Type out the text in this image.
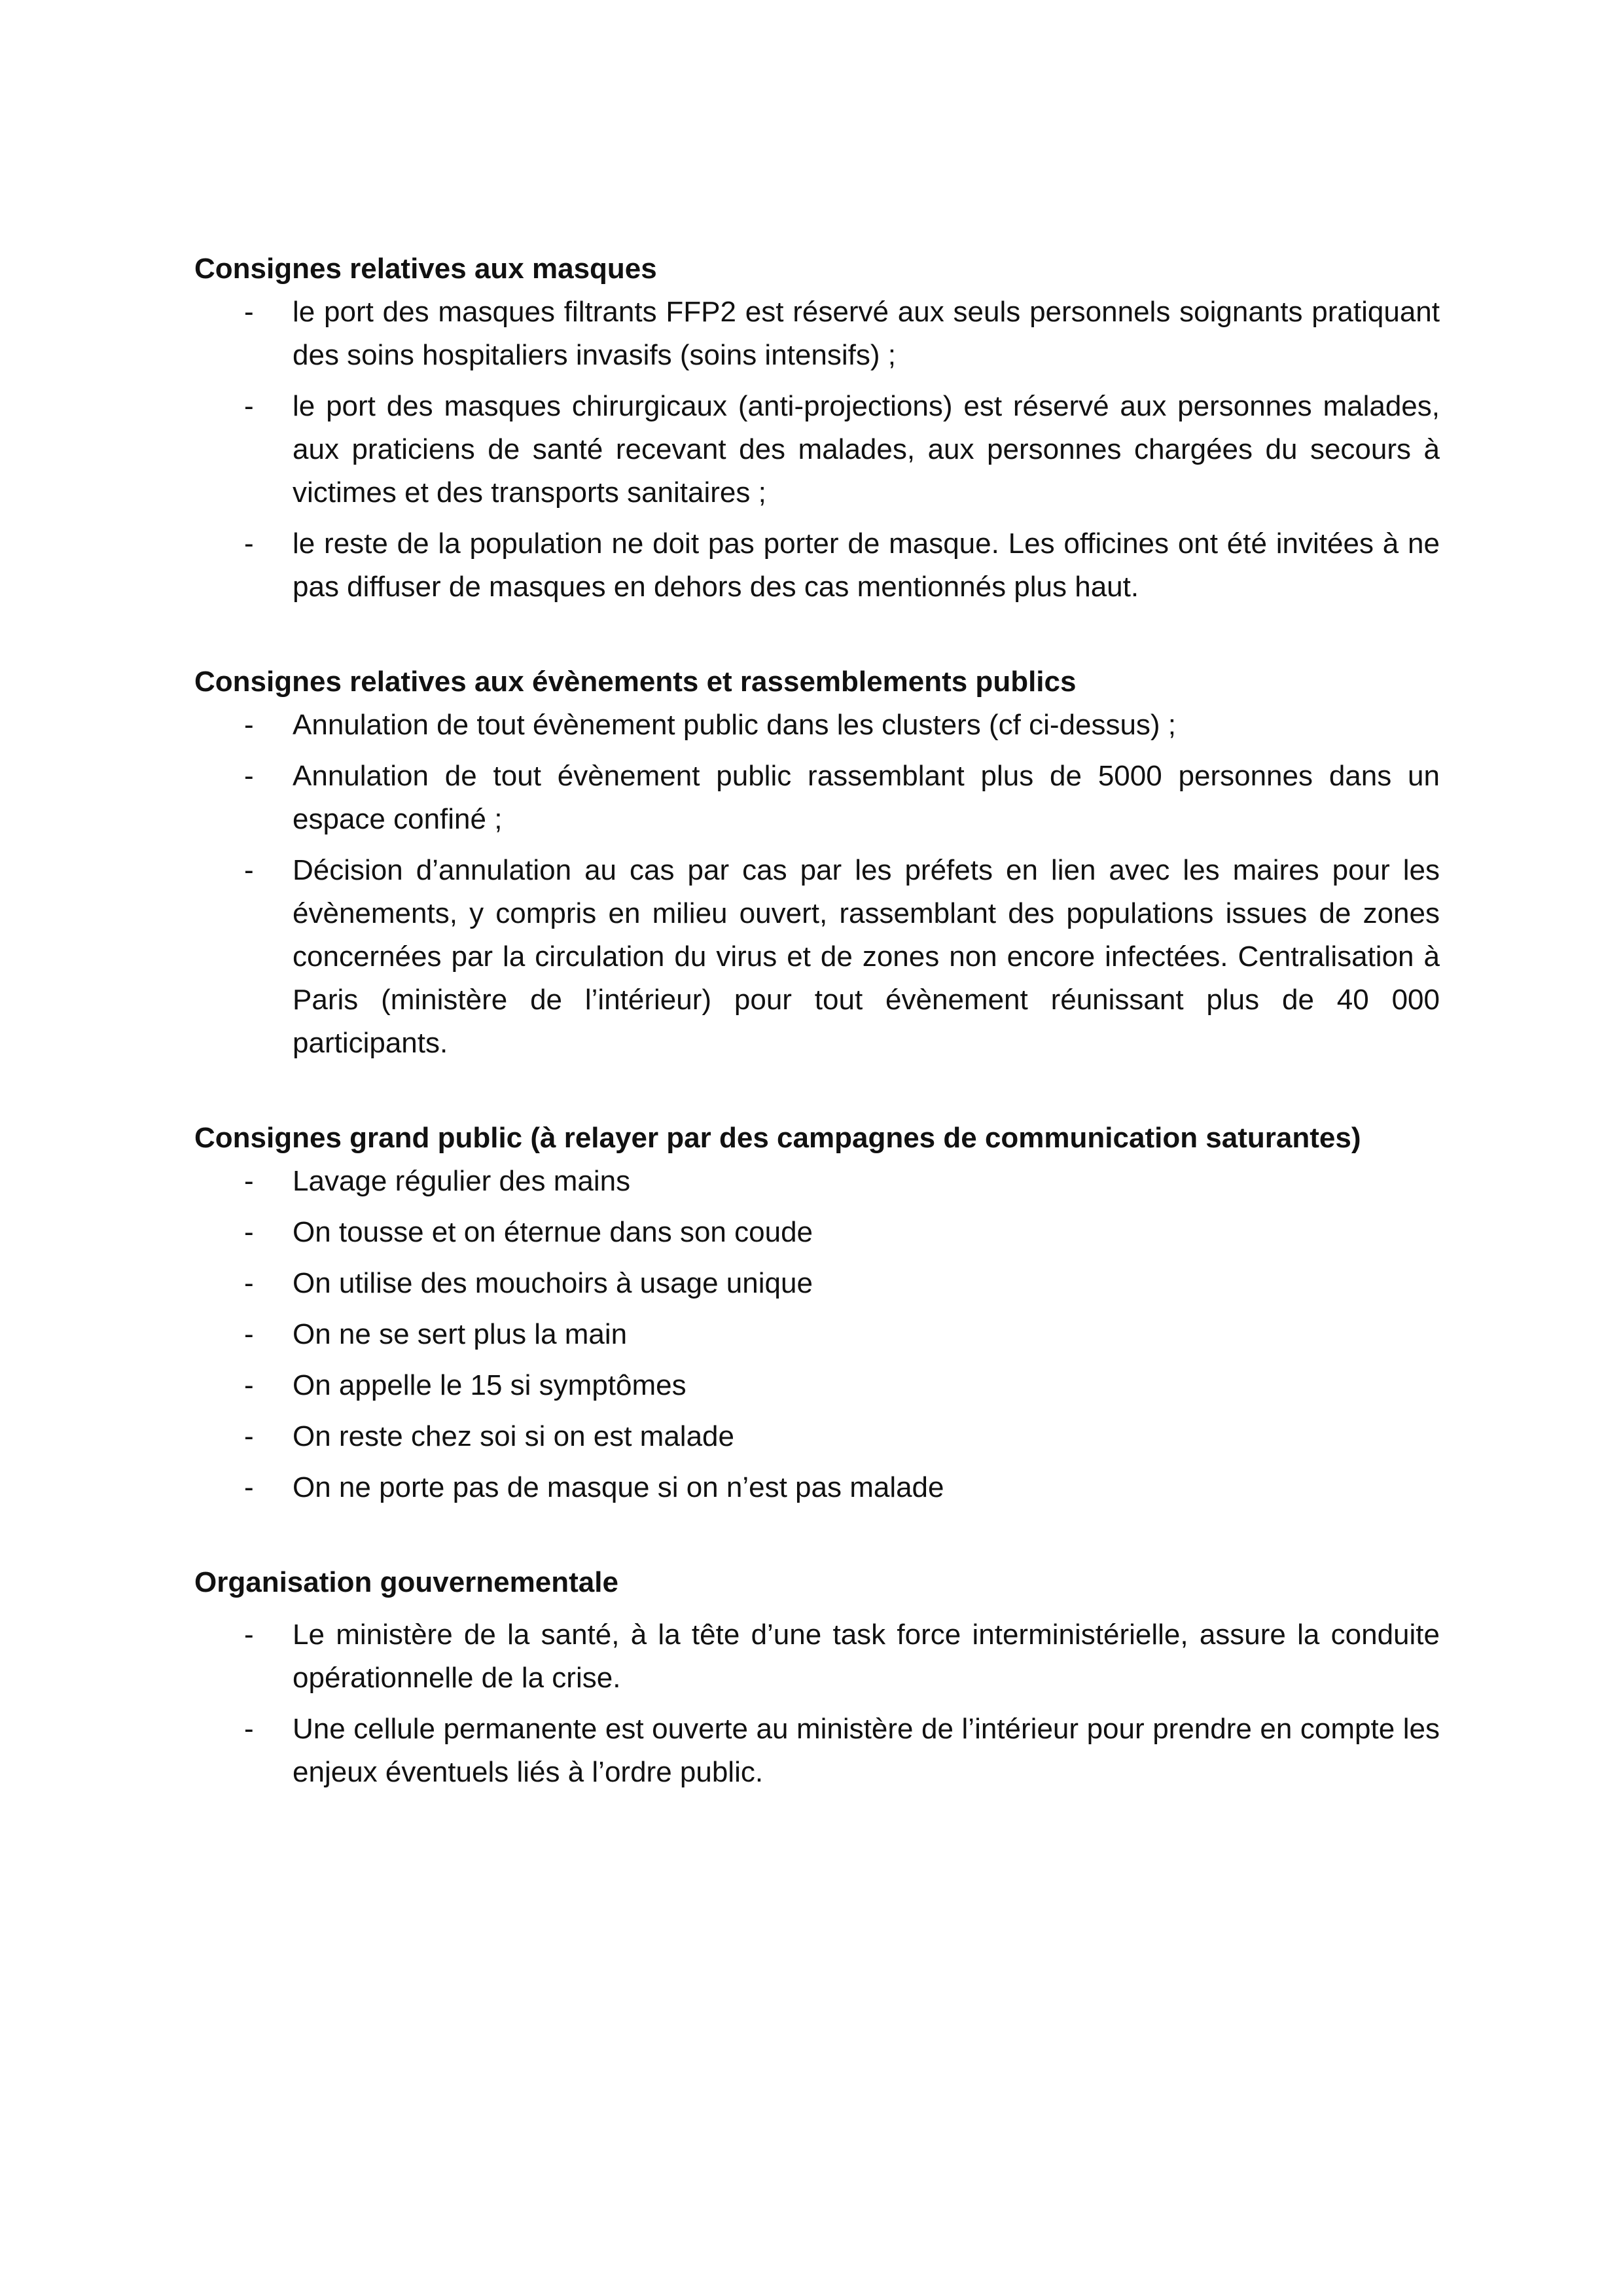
Consignes relatives aux masques

- le port des masques filtrants FFP2 est réservé aux seuls personnels soignants pratiquant des soins hospitaliers invasifs (soins intensifs) ;
- le port des masques chirurgicaux (anti-projections) est réservé aux personnes malades, aux praticiens de santé recevant des malades, aux personnes chargées du secours à victimes et des transports sanitaires ;
- le reste de la population ne doit pas porter de masque. Les officines ont été invitées à ne pas diffuser de masques en dehors des cas mentionnés plus haut.

Consignes relatives aux évènements et rassemblements publics

- Annulation de tout évènement public dans les clusters (cf ci-dessus) ;
- Annulation de tout évènement public rassemblant plus de 5000 personnes dans un espace confiné ;
- Décision d’annulation au cas par cas par les préfets en lien avec les maires pour les évènements, y compris en milieu ouvert, rassemblant des populations issues de zones concernées par la circulation du virus et de zones non encore infectées. Centralisation à Paris (ministère de l’intérieur) pour tout évènement réunissant plus de 40 000 participants.

Consignes grand public (à relayer par des campagnes de communication saturantes)

- Lavage régulier des mains
- On tousse et on éternue dans son coude
- On utilise des mouchoirs à usage unique
- On ne se sert plus la main
- On appelle le 15 si symptômes
- On reste chez soi si on est malade
- On ne porte pas de masque si on n’est pas malade

Organisation gouvernementale

- Le ministère de la santé, à la tête d’une task force interministérielle, assure la conduite opérationnelle de la crise.
- Une cellule permanente est ouverte au ministère de l’intérieur pour prendre en compte les enjeux éventuels liés à l’ordre public.
